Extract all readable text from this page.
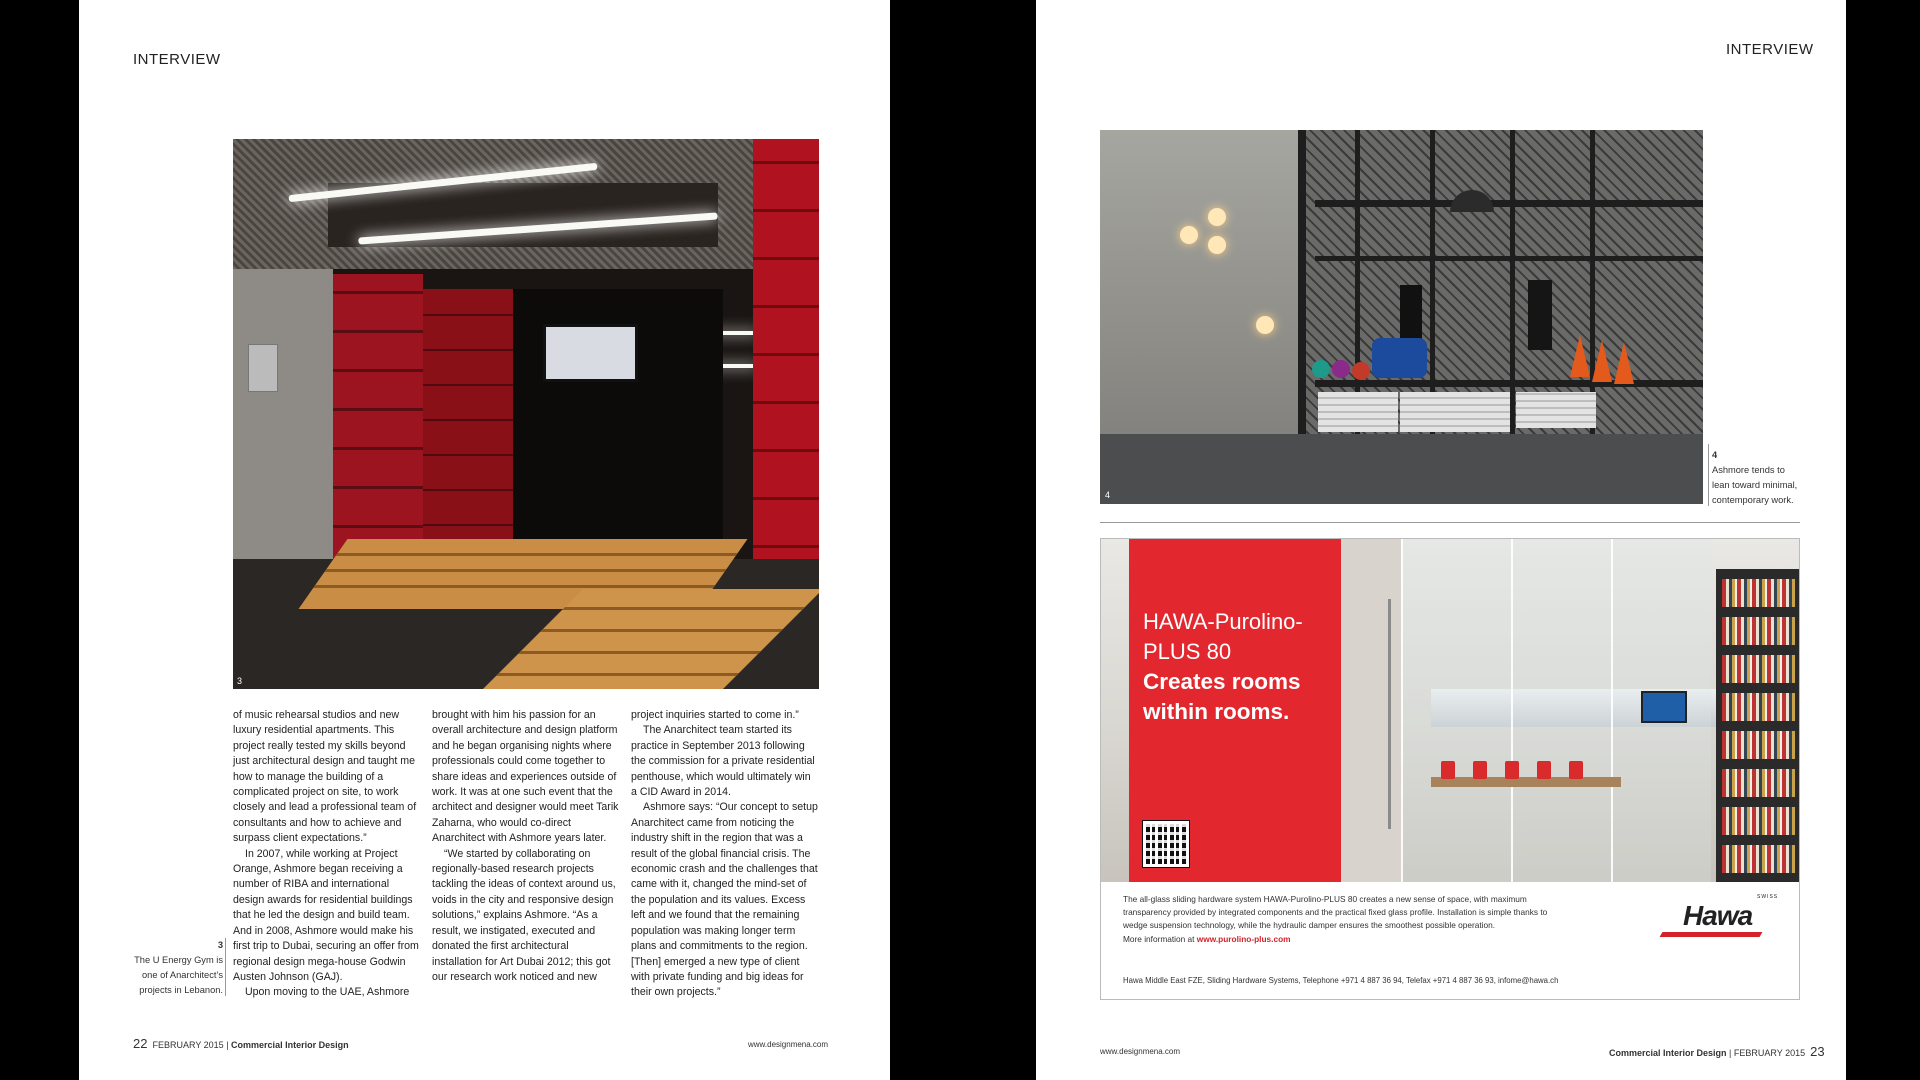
INTERVIEW
3

of music rehearsal studios and new luxury residential apartments. This project really tested my skills beyond just architectural design and taught me how to manage the building of a complicated project on site, to work closely and lead a professional team of consultants and how to achieve and surpass client expectations.”

In 2007, while working at Project Orange, Ashmore began receiving a number of RIBA and international design awards for residential buildings that he led the design and build team. And in 2008, Ashmore would make his first trip to Dubai, securing an offer from regional design mega-house Godwin Austen Johnson (GAJ).

Upon moving to the UAE, Ashmore

brought with him his passion for an overall architecture and design platform and he began organising nights where professionals could come together to share ideas and experiences outside of work. It was at one such event that the architect and designer would meet Tarik Zaharna, who would co-direct Anarchitect with Ashmore years later.

“We started by collaborating on regionally-based research projects tackling the ideas of context around us, voids in the city and responsive design solutions,” explains Ashmore. “As a result, we instigated, executed and donated the first architectural installation for Art Dubai 2012; this got our research work noticed and new

project inquiries started to come in.”

The Anarchitect team started its practice in September 2013 following the commission for a private residential penthouse, which would ultimately win a CID Award in 2014.

Ashmore says: “Our concept to setup Anarchitect came from noticing the industry shift in the region that was a result of the global financial crisis. The economic crash and the challenges that came with it, changed the mind-set of the population and its values. Excess left and we found that the remaining population was making longer term plans and commitments to the region. [Then] emerged a new type of client with private funding and big ideas for their own projects.”

3
The U Energy Gym is one of Anarchitect’s projects in Lebanon.
22 FEBRUARY 2015 | Commercial Interior Design	www.designmena.com
INTERVIEW
4
4
Ashmore tends to lean toward minimal, contemporary work.
HAWA-Purolino-PLUS 80
Creates rooms within rooms.
The all-glass sliding hardware system HAWA-Purolino-PLUS 80 creates a new sense of space, with maximum transparency provided by integrated components and the practical fixed glass profile. Installation is simple thanks to wedge suspension technology, while the hydraulic damper ensures the smoothest possible operation.
More information at www.purolino-plus.com
Hawa Middle East FZE, Sliding Hardware Systems, Telephone +971 4 887 36 94, Telefax +971 4 887 36 93, infome@hawa.ch
SWISS
Hawa
www.designmena.com	Commercial Interior Design | FEBRUARY 2015 23
